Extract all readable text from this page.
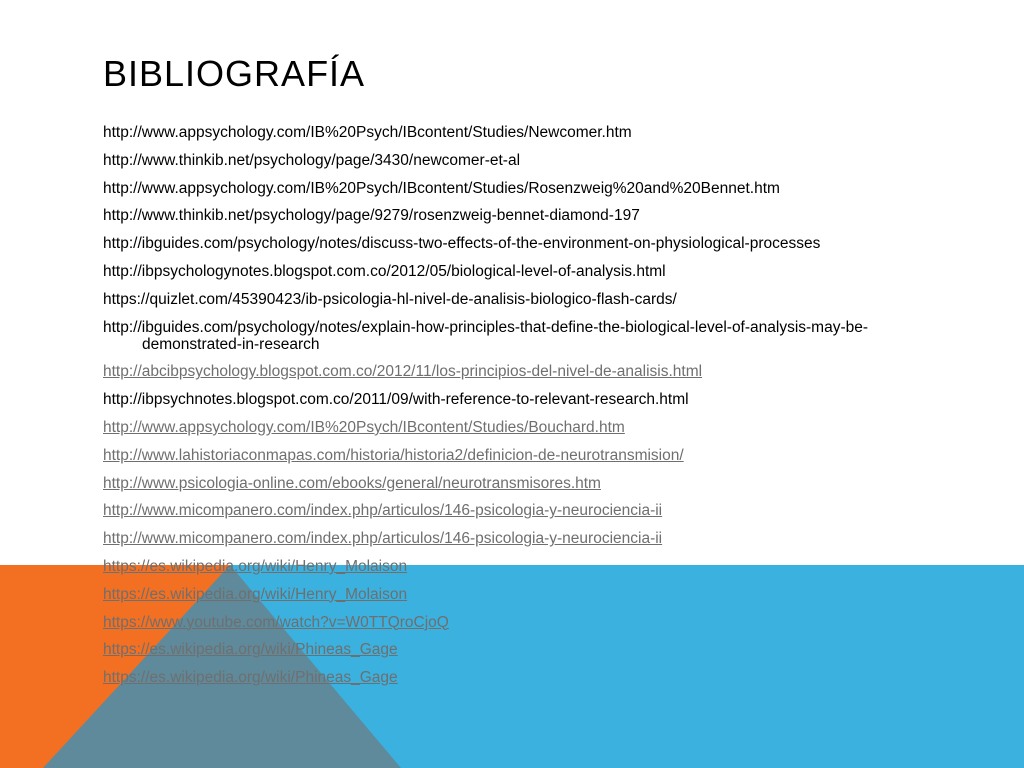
BIBLIOGRAFÍA
http://www.appsychology.com/IB%20Psych/IBcontent/Studies/Newcomer.htm
http://www.thinkib.net/psychology/page/3430/newcomer-et-al
http://www.appsychology.com/IB%20Psych/IBcontent/Studies/Rosenzweig%20and%20Bennet.htm
http://www.thinkib.net/psychology/page/9279/rosenzweig-bennet-diamond-197
http://ibguides.com/psychology/notes/discuss-two-effects-of-the-environment-on-physiological-processes
http://ibpsychologynotes.blogspot.com.co/2012/05/biological-level-of-analysis.html
https://quizlet.com/45390423/ib-psicologia-hl-nivel-de-analisis-biologico-flash-cards/
http://ibguides.com/psychology/notes/explain-how-principles-that-define-the-biological-level-of-analysis-may-be-demonstrated-in-research
http://abcibpsychology.blogspot.com.co/2012/11/los-principios-del-nivel-de-analisis.html
http://ibpsychnotes.blogspot.com.co/2011/09/with-reference-to-relevant-research.html
http://www.appsychology.com/IB%20Psych/IBcontent/Studies/Bouchard.htm
http://www.lahistoriaconmapas.com/historia/historia2/definicion-de-neurotransmision/
http://www.psicologia-online.com/ebooks/general/neurotransmisores.htm
http://www.micompanero.com/index.php/articulos/146-psicologia-y-neurociencia-ii
http://www.micompanero.com/index.php/articulos/146-psicologia-y-neurociencia-ii
https://es.wikipedia.org/wiki/Henry_Molaison
https://es.wikipedia.org/wiki/Henry_Molaison
https://www.youtube.com/watch?v=W0TTQroCjoQ
https://es.wikipedia.org/wiki/Phineas_Gage
https://es.wikipedia.org/wiki/Phineas_Gage
